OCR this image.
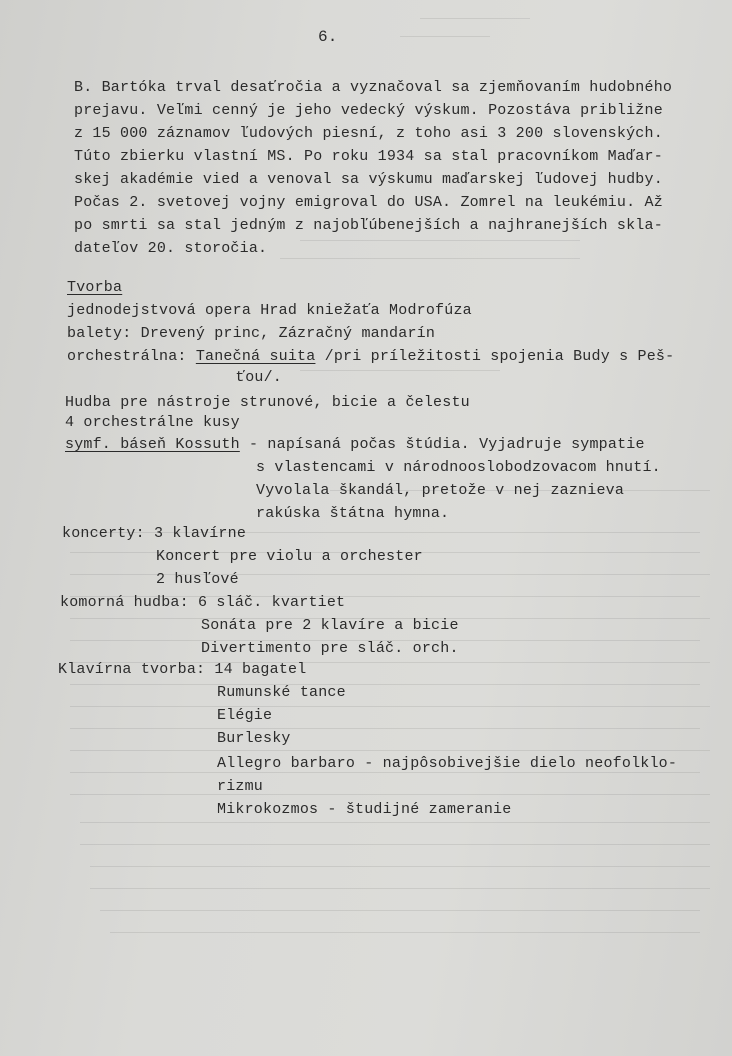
6.
B. Bartóka trval desaťročia a vyznačoval sa zjemňovaním hudobného
prejavu. Veľmi cenný je jeho vedecký výskum. Pozostáva približne
z 15 000 záznamov ľudových piesní, z toho asi 3 200 slovenských.
Túto zbierku vlastní MS. Po roku 1934 sa stal pracovníkom Maďar-
skej akadémie vied a venoval sa výskumu maďarskej ľudovej hudby.
Počas 2. svetovej vojny emigroval do USA. Zomrel na leukémiu. Až
po smrti sa stal jedným z najobľúbenejších a najhranejších skla-
dateľov 20. storočia.
Tvorba
jednodejstvová opera Hrad kniežaťa Modrofúza
balety: Drevený princ, Zázračný mandarín
orchestrálna: Tanečná suita /pri príležitosti spojenia Budy s Peš-
ťou/.
Hudba pre nástroje strunové, bicie a čelestu
4 orchestrálne kusy
symf. báseň Kossuth - napísaná počas štúdia. Vyjadruje sympatie
s vlastencami v národnooslobodzovacom hnutí.
Vyvolala škandál, pretože v nej zaznieva
rakúska štátna hymna.
koncerty: 3 klavírne
Koncert pre violu a orchester
2 husľové
komorná hudba: 6 sláč. kvartiet
Sonáta pre 2 klavíre a bicie
Divertimento pre sláč. orch.
Klavírna tvorba: 14 bagatel
Rumunské tance
Elégie
Burlesky
Allegro barbaro - najpôsobivejšie dielo neofolklo-
rizmu
Mikrokozmos - študijné zameranie
